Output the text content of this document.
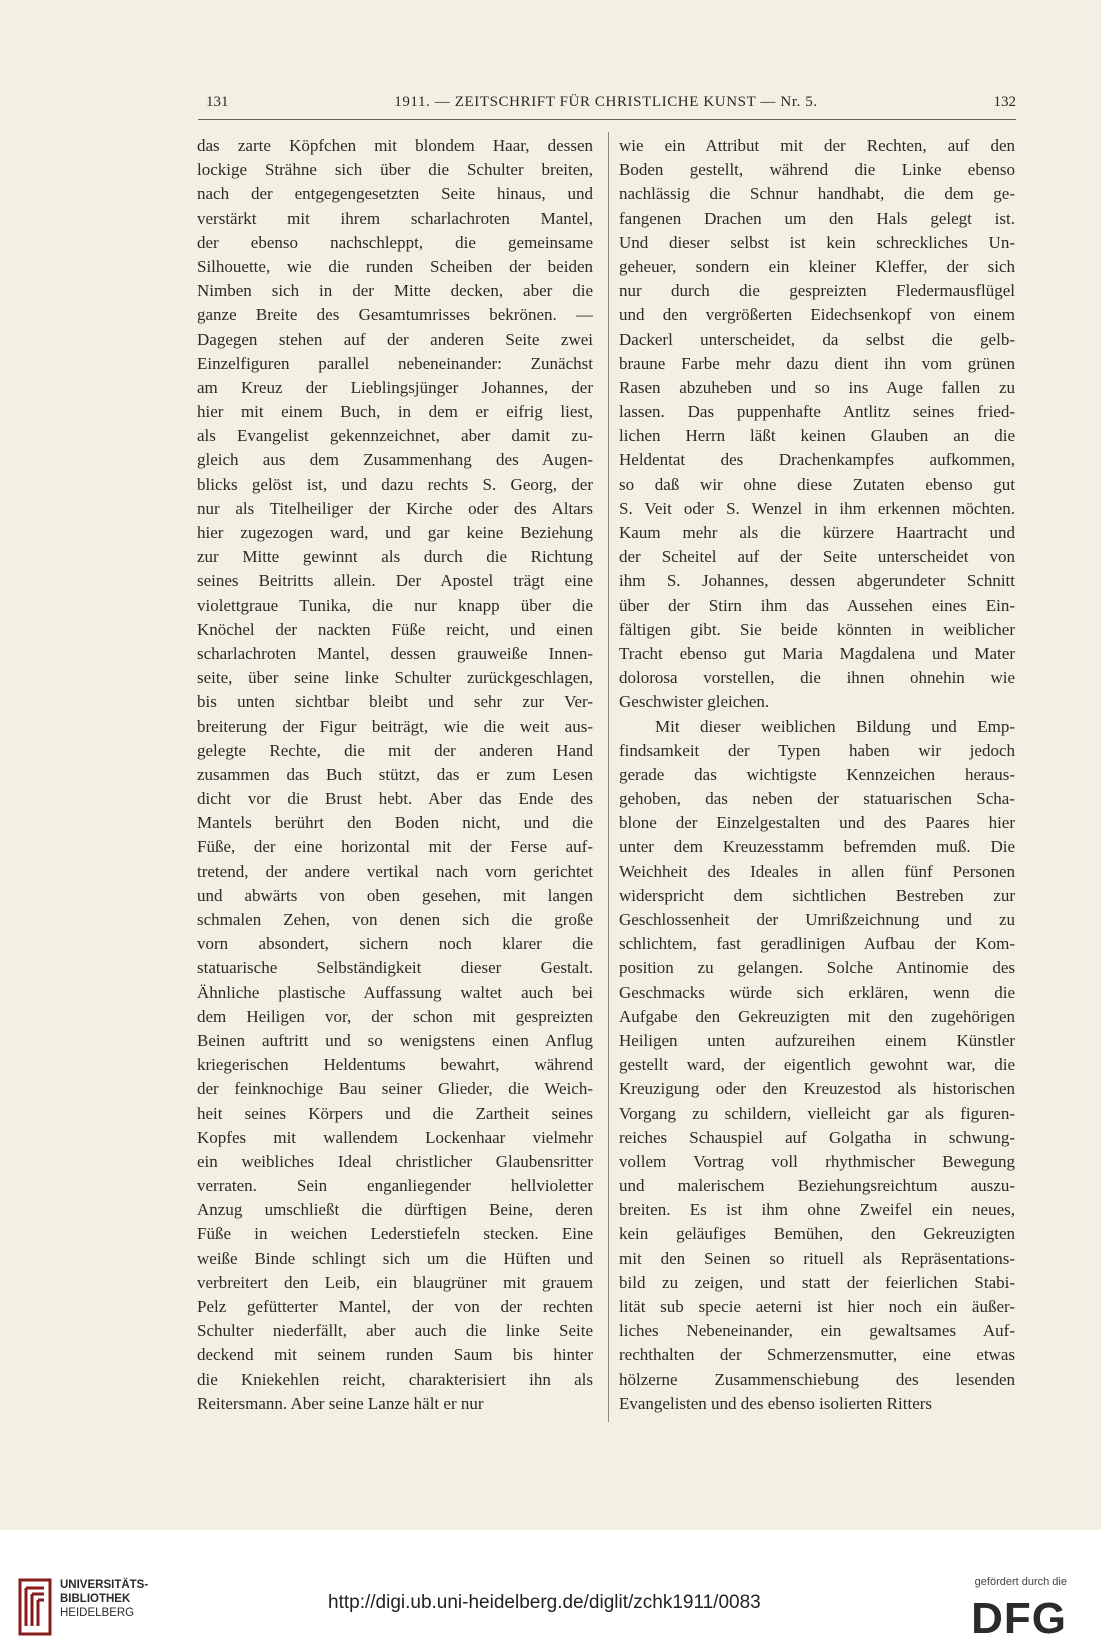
131	1911. — ZEITSCHRIFT FÜR CHRISTLICHE KUNST — Nr. 5.	132
das zarte Köpfchen mit blondem Haar, dessen
lockige Strähne sich über die Schulter breiten,
nach der entgegengesetzten Seite hinaus, und
verstärkt mit ihrem scharlachroten Mantel,
der ebenso nachschleppt, die gemeinsame
Silhouette, wie die runden Scheiben der beiden
Nimben sich in der Mitte decken, aber die
ganze Breite des Gesamtumrisses bekrönen. —
Dagegen stehen auf der anderen Seite zwei
Einzelfiguren parallel nebeneinander: Zunächst
am Kreuz der Lieblingsjünger Johannes, der
hier mit einem Buch, in dem er eifrig liest,
als Evangelist gekennzeichnet, aber damit zu-
gleich aus dem Zusammenhang des Augen-
blicks gelöst ist, und dazu rechts S. Georg, der
nur als Titelheiliger der Kirche oder des Altars
hier zugezogen ward, und gar keine Beziehung
zur Mitte gewinnt als durch die Richtung
seines Beitritts allein. Der Apostel trägt eine
violettgraue Tunika, die nur knapp über die
Knöchel der nackten Füße reicht, und einen
scharlachroten Mantel, dessen grauweiße Innen-
seite, über seine linke Schulter zurückgeschlagen,
bis unten sichtbar bleibt und sehr zur Ver-
breiterung der Figur beiträgt, wie die weit aus-
gelegte Rechte, die mit der anderen Hand
zusammen das Buch stützt, das er zum Lesen
dicht vor die Brust hebt. Aber das Ende des
Mantels berührt den Boden nicht, und die
Füße, der eine horizontal mit der Ferse auf-
tretend, der andere vertikal nach vorn gerichtet
und abwärts von oben gesehen, mit langen
schmalen Zehen, von denen sich die große
vorn absondert, sichern noch klarer die
statuarische Selbständigkeit dieser Gestalt.
Ähnliche plastische Auffassung waltet auch bei
dem Heiligen vor, der schon mit gespreizten
Beinen auftritt und so wenigstens einen Anflug
kriegerischen Heldentums bewahrt, während
der feinknochige Bau seiner Glieder, die Weich-
heit seines Körpers und die Zartheit seines
Kopfes mit wallendem Lockenhaar vielmehr
ein weibliches Ideal christlicher Glaubensritter
verraten. Sein enganliegender hellvioletter
Anzug umschließt die dürftigen Beine, deren
Füße in weichen Lederstiefeln stecken. Eine
weiße Binde schlingt sich um die Hüften und
verbreitert den Leib, ein blaugrüner mit grauem
Pelz gefütterter Mantel, der von der rechten
Schulter niederfällt, aber auch die linke Seite
deckend mit seinem runden Saum bis hinter
die Kniekehlen reicht, charakterisiert ihn als
Reitersmann. Aber seine Lanze hält er nur
wie ein Attribut mit der Rechten, auf den
Boden gestellt, während die Linke ebenso
nachlässig die Schnur handhabt, die dem ge-
fangenen Drachen um den Hals gelegt ist.
Und dieser selbst ist kein schreckliches Un-
geheuer, sondern ein kleiner Kleffer, der sich
nur durch die gespreizten Fledermausflügel
und den vergrößerten Eidechsenkopf von einem
Dackerl unterscheidet, da selbst die gelb-
braune Farbe mehr dazu dient ihn vom grünen
Rasen abzuheben und so ins Auge fallen zu
lassen. Das puppenhafte Antlitz seines fried-
lichen Herrn läßt keinen Glauben an die
Heldentat des Drachenkampfes aufkommen,
so daß wir ohne diese Zutaten ebenso gut
S. Veit oder S. Wenzel in ihm erkennen möchten.
Kaum mehr als die kürzere Haartracht und
der Scheitel auf der Seite unterscheidet von
ihm S. Johannes, dessen abgerundeter Schnitt
über der Stirn ihm das Aussehen eines Ein-
fältigen gibt. Sie beide könnten in weiblicher
Tracht ebenso gut Maria Magdalena und Mater
dolorosa vorstellen, die ihnen ohnehin wie
Geschwister gleichen.
Mit dieser weiblichen Bildung und Emp-
findsamkeit der Typen haben wir jedoch
gerade das wichtigste Kennzeichen heraus-
gehoben, das neben der statuarischen Scha-
blone der Einzelgestalten und des Paares hier
unter dem Kreuzesstamm befremden muß. Die
Weichheit des Ideales in allen fünf Personen
widerspricht dem sichtlichen Bestreben zur
Geschlossenheit der Umrißzeichnung und zu
schlichtem, fast geradlinigen Aufbau der Kom-
position zu gelangen. Solche Antinomie des
Geschmacks würde sich erklären, wenn die
Aufgabe den Gekreuzigten mit den zugehörigen
Heiligen unten aufzureihen einem Künstler
gestellt ward, der eigentlich gewohnt war, die
Kreuzigung oder den Kreuzestod als historischen
Vorgang zu schildern, vielleicht gar als figuren-
reiches Schauspiel auf Golgatha in schwung-
vollem Vortrag voll rhythmischer Bewegung
und malerischem Beziehungsreichtum auszu-
breiten. Es ist ihm ohne Zweifel ein neues,
kein geläufiges Bemühen, den Gekreuzigten
mit den Seinen so rituell als Repräsentations-
bild zu zeigen, und statt der feierlichen Stabi-
lität sub specie aeterni ist hier noch ein äußer-
liches Nebeneinander, ein gewaltsames Auf-
rechthalten der Schmerzensmutter, eine etwas
hölzerne Zusammenschiebung des lesenden
Evangelisten und des ebenso isolierten Ritters
UNIVERSITÄTS-
BIBLIOTHEK
HEIDELBERG	http://digi.ub.uni-heidelberg.de/diglit/zchk1911/0083
gefördert durch die
DFG
